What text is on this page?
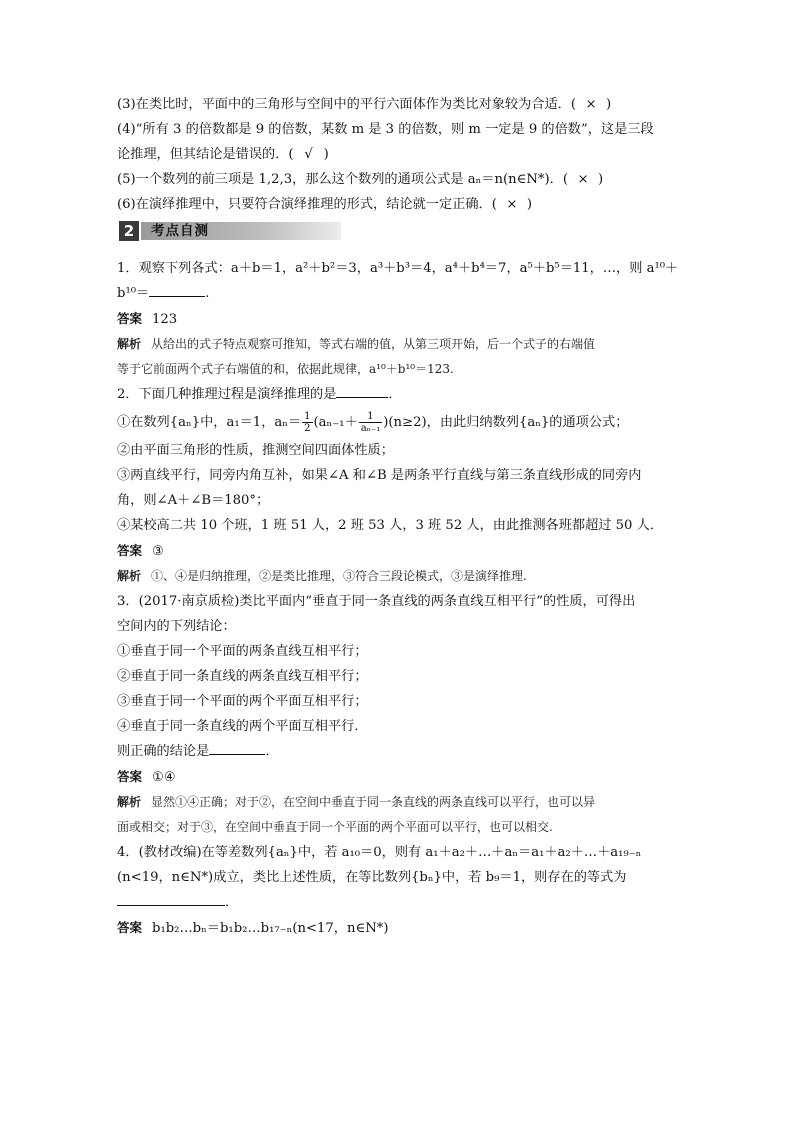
(3)在类比时，平面中的三角形与空间中的平行六面体作为类比对象较为合适．( × )
(4)“所有 3 的倍数都是 9 的倍数，某数 m 是 3 的倍数，则 m 一定是 9 的倍数”，这是三段
论推理，但其结论是错误的．( √ )
(5)一个数列的前三项是 1,2,3，那么这个数列的通项公式是 aₙ＝n(n∈N*)．( × )
(6)在演绎推理中，只要符合演绎推理的形式，结论就一定正确．( × )
2	考点自测
1．观察下列各式：a＋b＝1，a²＋b²＝3，a³＋b³＝4，a⁴＋b⁴＝7，a⁵＋b⁵＝11，…，则 a¹⁰＋
b¹⁰＝	.
答案 123
解析 从给出的式子特点观察可推知，等式右端的值，从第三项开始，后一个式子的右端值
等于它前面两个式子右端值的和，依据此规律，a¹⁰＋b¹⁰＝123.
2．下面几种推理过程是演绎推理的是	．
①在数列{aₙ}中，a₁＝1，$a_n= \frac{1}{2} (a_{n-1}+ \frac{1}{\text{aₙ₋₁}} )(n\ge 2)$，由此归纳数列{aₙ}的通项公式；
②由平面三角形的性质，推测空间四面体性质；
③两直线平行，同旁内角互补，如果∠A 和∠B 是两条平行直线与第三条直线形成的同旁内
角，则∠A＋∠B＝180°；
④某校高二共 10 个班，1 班 51 人，2 班 53 人，3 班 52 人，由此推测各班都超过 50 人．
答案 ③
解析 ①、④是归纳推理，②是类比推理，③符合三段论模式，③是演绎推理.
3．(2017·南京质检)类比平面内“垂直于同一条直线的两条直线互相平行”的性质，可得出
空间内的下列结论：
①垂直于同一个平面的两条直线互相平行；
②垂直于同一条直线的两条直线互相平行；
③垂直于同一个平面的两个平面互相平行；
④垂直于同一条直线的两个平面互相平行．
则正确的结论是	．
答案 ①④
解析 显然①④正确；对于②，在空间中垂直于同一条直线的两条直线可以平行，也可以异
面或相交；对于③，在空间中垂直于同一个平面的两个平面可以平行，也可以相交.
4．(教材改编)在等差数列{aₙ}中，若 a₁₀＝0，则有 a₁＋a₂＋…＋aₙ＝a₁＋a₂＋…＋a₁₉₋ₙ
(n<19，n∈N*)成立，类比上述性质，在等比数列{bₙ}中，若 b₉＝1，则存在的等式为
．
答案 b₁b₂…bₙ＝b₁b₂…b₁₇₋ₙ(n<17，n∈N*)
